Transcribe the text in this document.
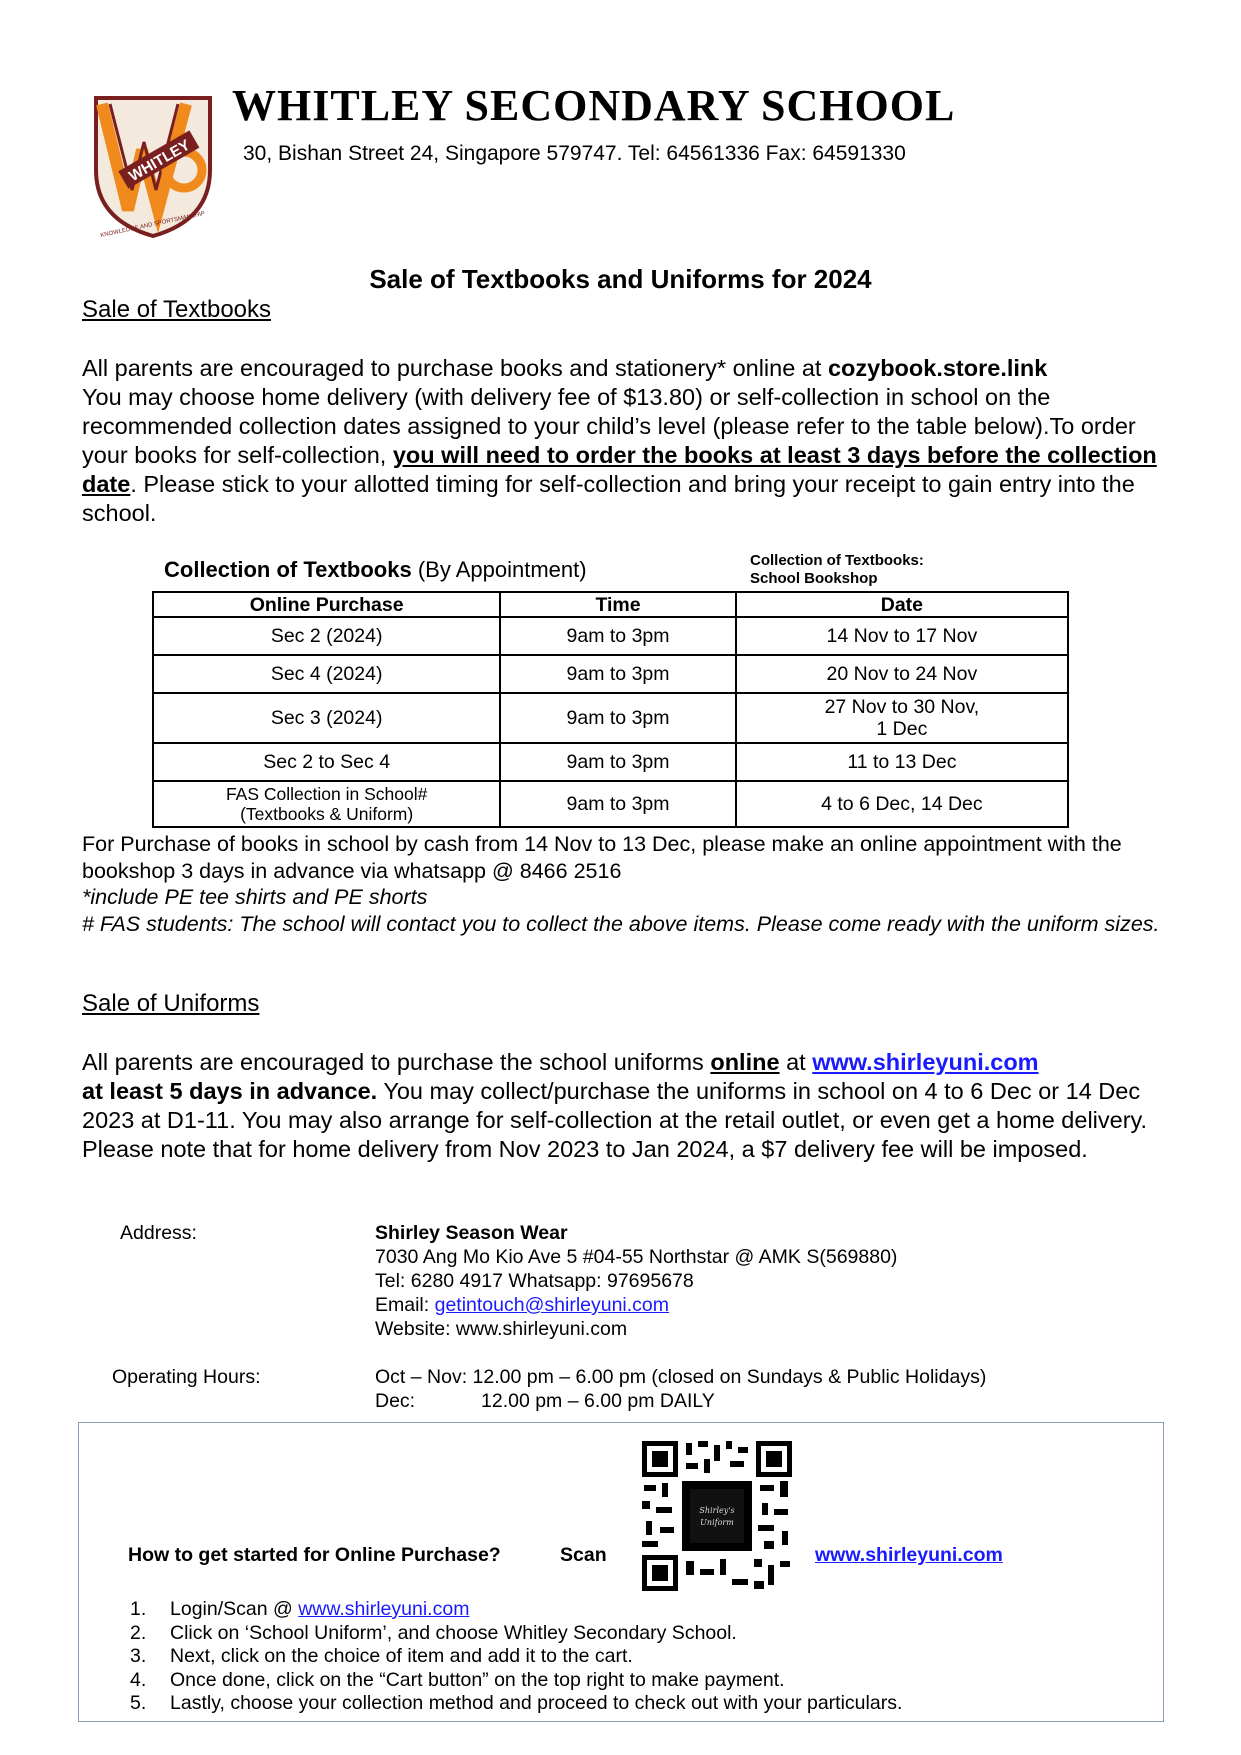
WHITLEY
KNOWLEDGE AND SPORTSMANSHIP
WHITLEY SECONDARY SCHOOL
30, Bishan Street 24, Singapore 579747. Tel: 64561336 Fax: 64591330
Sale of Textbooks and Uniforms for 2024
Sale of Textbooks
All parents are encouraged to purchase books and stationery* online at cozybook.store.link
You may choose home delivery (with delivery fee of $13.80) or self-collection in school on the recommended collection dates assigned to your child’s level (please refer to the table below).To order your books for self-collection, you will need to order the books at least 3 days before the collection date. Please stick to your allotted timing for self-collection and bring your receipt to gain entry into the school.
Collection of Textbooks (By Appointment)	Collection of Textbooks:
School Bookshop
Online Purchase	Time	Date
Sec 2 (2024)	9am to 3pm	14 Nov to 17 Nov
Sec 4 (2024)	9am to 3pm	20 Nov to 24 Nov
Sec 3 (2024)	9am to 3pm	27 Nov to 30 Nov,
1 Dec
Sec 2 to Sec 4	9am to 3pm	11 to 13 Dec
FAS Collection in School#
(Textbooks & Uniform)	9am to 3pm	4 to 6 Dec, 14 Dec
For Purchase of books in school by cash from 14 Nov to 13 Dec, please make an online appointment with the bookshop 3 days in advance via whatsapp @ 8466 2516
*include PE tee shirts and PE shorts
# FAS students: The school will contact you to collect the above items. Please come ready with the uniform sizes.
Sale of Uniforms
All parents are encouraged to purchase the school uniforms online at www.shirleyuni.com
at least 5 days in advance. You may collect/purchase the uniforms in school on 4 to 6 Dec or 14 Dec 2023 at D1-11. You may also arrange for self-collection at the retail outlet, or even get a home delivery. Please note that for home delivery from Nov 2023 to Jan 2024, a $7 delivery fee will be imposed.
Address:	Shirley Season Wear
7030 Ang Mo Kio Ave 5 #04-55 Northstar @ AMK S(569880)
Tel: 6280 4917 Whatsapp: 97695678
Email: getintouch@shirleyuni.com
Website: www.shirleyuni.com
Operating Hours:	Oct – Nov: 12.00 pm – 6.00 pm (closed on Sundays & Public Holidays)
Dec:	12.00 pm – 6.00 pm DAILY
How to get started for Online Purchase?	Scan
Shirley's
Uniform
www.shirleyuni.com
1. Login/Scan @ www.shirleyuni.com
2. Click on ‘School Uniform’, and choose Whitley Secondary School.
3. Next, click on the choice of item and add it to the cart.
4. Once done, click on the “Cart button” on the top right to make payment.
5. Lastly, choose your collection method and proceed to check out with your particulars.
